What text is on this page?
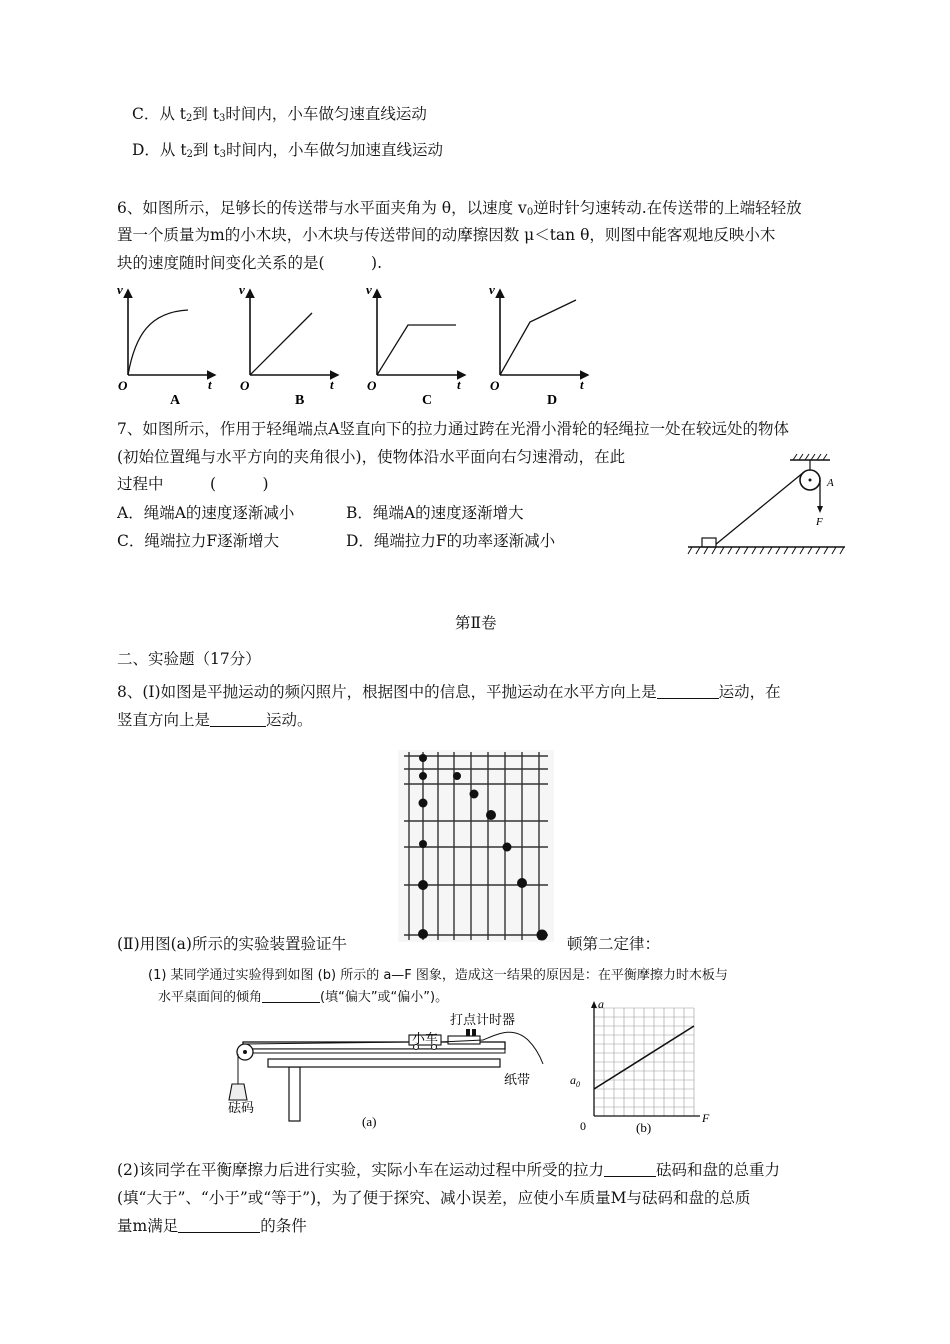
C．从 $t_2$到 $t_3$时间内，小车做匀速直线运动
D．从 $t_2$到 $t_3$时间内，小车做匀加速直线运动
6、如图所示，足够长的传送带与水平面夹角为 θ，以速度 $v_0$逆时针匀速转动.在传送带的上端轻轻放
置一个质量为m的小木块，小木块与传送带间的动摩擦因数 μ＜tan θ，则图中能客观地反映小木
块的速度随时间变化关系的是(　　　).
v
t
O
A
v
t
O
B
v
t
O
C
v
t
O
D
7、如图所示，作用于轻绳端点A竖直向下的拉力通过跨在光滑小滑轮的轻绳拉一处在较远处的物体
(初始位置绳与水平方向的夹角很小)，使物体沿水平面向右匀速滑动，在此
过程中　　　(　　　)
A．绳端A的速度逐渐减小	B．绳端A的速度逐渐增大
C．绳端拉力F逐渐增大	D．绳端拉力F的功率逐渐减小
A
F
第Ⅱ卷
二、实验题（17分）
8、(Ⅰ)如图是平抛运动的频闪照片，根据图中的信息，平抛运动在水平方向上是	运动，在
竖直方向上是	运动。
(Ⅱ)用图(a)所示的实验装置验证牛	顿第二定律：
(1) 某同学通过实验得到如图 (b) 所示的 a—F 图象，造成这一结果的原因是：在平衡摩擦力时木板与
水平桌面间的倾角	(填“偏大”或“偏小”)。
砝码
小车
打点计时器
纸带
(a)
a
$a_0$
F
0	(b)
(2)该同学在平衡摩擦力后进行实验，实际小车在运动过程中所受的拉力	砝码和盘的总重力
(填“大于”、“小于”或“等于”)，为了便于探究、减小误差，应使小车质量M与砝码和盘的总质
量m满足	的条件
